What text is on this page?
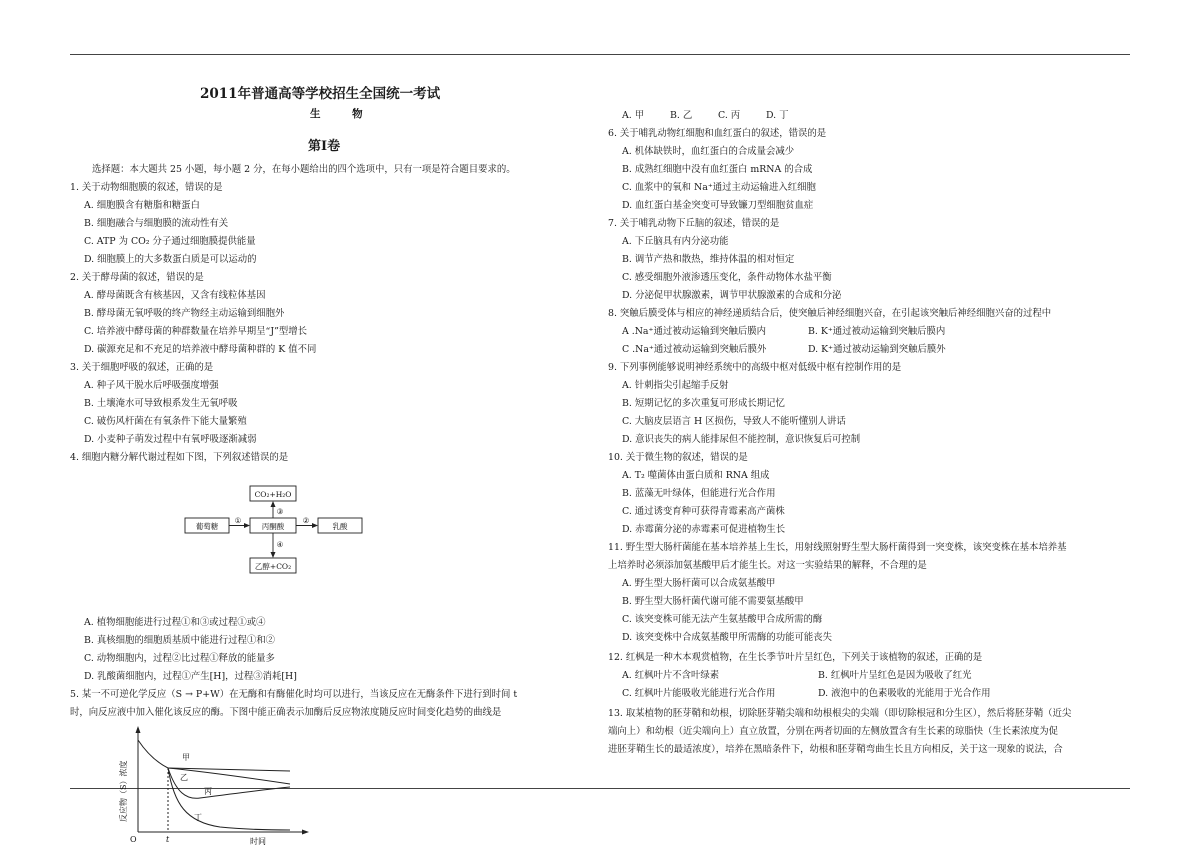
2011年普通高等学校招生全国统一考试
生 物
第Ⅰ卷
选择题：本大题共 25 小题，每小题 2 分，在每小题给出的四个选项中，只有一项是符合题目要求的。
1. 关于动物细胞膜的叙述，错误的是
A. 细胞膜含有糖脂和糖蛋白
B. 细胞融合与细胞膜的流动性有关
C. ATP 为 CO₂ 分子通过细胞膜提供能量
D. 细胞膜上的大多数蛋白质是可以运动的
2. 关于酵母菌的叙述，错误的是
A. 酵母菌既含有核基因，又含有线粒体基因
B. 酵母菌无氧呼吸的终产物经主动运输到细胞外
C. 培养液中酵母菌的种群数量在培养早期呈“J”型增长
D. 碳源充足和不充足的培养液中酵母菌种群的 K 值不同
3. 关于细胞呼吸的叙述，正确的是
A. 种子风干脱水后呼吸强度增强
B. 土壤淹水可导致根系发生无氧呼吸
C. 破伤风杆菌在有氧条件下能大量繁殖
D. 小麦种子萌发过程中有氧呼吸逐渐减弱
4. 细胞内糖分解代谢过程如下图，下列叙述错误的是
CO₂+H₂O
葡萄糖	丙酮酸	乳酸
乙醇+CO₂
①	②
③
④
A. 植物细胞能进行过程①和③或过程①或④
B. 真核细胞的细胞质基质中能进行过程①和②
C. 动物细胞内，过程②比过程①释放的能量多
D. 乳酸菌细胞内，过程①产生[H]，过程③消耗[H]
5. 某一不可逆化学反应（S → P+W）在无酶和有酶催化时均可以进行，当该反应在无酶条件下进行到时间 t
时，向反应液中加入催化该反应的酶。下图中能正确表示加酶后反应物浓度随反应时间变化趋势的曲线是
甲
乙
丙
丁
O	t	时间
反应物（S）浓度
A. 甲	B. 乙	C. 丙	D. 丁
6. 关于哺乳动物红细胞和血红蛋白的叙述，错误的是
A. 机体缺铁时，血红蛋白的合成量会减少
B. 成熟红细胞中没有血红蛋白 mRNA 的合成
C. 血浆中的氧和 Na⁺通过主动运输进入红细胞
D. 血红蛋白基金突变可导致镰刀型细胞贫血症
7. 关于哺乳动物下丘脑的叙述，错误的是
A. 下丘脑具有内分泌功能
B. 调节产热和散热，维持体温的相对恒定
C. 感受细胞外液渗透压变化，条件动物体水盐平衡
D. 分泌促甲状腺激素，调节甲状腺激素的合成和分泌
8. 突触后膜受体与相应的神经递质结合后，使突触后神经细胞兴奋，在引起该突触后神经细胞兴奋的过程中
A .Na⁺通过被动运输到突触后膜内	B. K⁺通过被动运输到突触后膜内
C .Na⁺通过被动运输到突触后膜外	D. K⁺通过被动运输到突触后膜外
9. 下列事例能够说明神经系统中的高级中枢对低级中枢有控制作用的是
A. 针刺指尖引起缩手反射
B. 短期记忆的多次重复可形成长期记忆
C. 大脑皮层语言 H 区损伤，导致人不能听懂别人讲话
D. 意识丧失的病人能排尿但不能控制，意识恢复后可控制
10. 关于微生物的叙述，错误的是
A. T₂ 噬菌体由蛋白质和 RNA 组成
B. 蓝藻无叶绿体，但能进行光合作用
C. 通过诱变育种可获得青霉素高产菌株
D. 赤霉菌分泌的赤霉素可促进植物生长
11. 野生型大肠杆菌能在基本培养基上生长，用射线照射野生型大肠杆菌得到一突变株，该突变株在基本培养基
上培养时必须添加氨基酸甲后才能生长。对这一实验结果的解释，不合理的是
A. 野生型大肠杆菌可以合成氨基酸甲
B. 野生型大肠杆菌代谢可能不需要氨基酸甲
C. 该突变株可能无法产生氨基酸甲合成所需的酶
D. 该突变株中合成氨基酸甲所需酶的功能可能丧失
12. 红枫是一种木本观赏植物，在生长季节叶片呈红色，下列关于该植物的叙述，正确的是
A. 红枫叶片不含叶绿素	B. 红枫叶片呈红色是因为吸收了红光
C. 红枫叶片能吸收光能进行光合作用	D. 液泡中的色素吸收的光能用于光合作用
13. 取某植物的胚芽鞘和幼根，切除胚芽鞘尖端和幼根根尖的尖端（即切除根冠和分生区），然后将胚芽鞘（近尖
端向上）和幼根（近尖端向上）直立放置，分别在两者切面的左侧放置含有生长素的琼脂快（生长素浓度为促
进胚芽鞘生长的最适浓度），培养在黑暗条件下，幼根和胚芽鞘弯曲生长且方向相反，关于这一现象的说法，合
